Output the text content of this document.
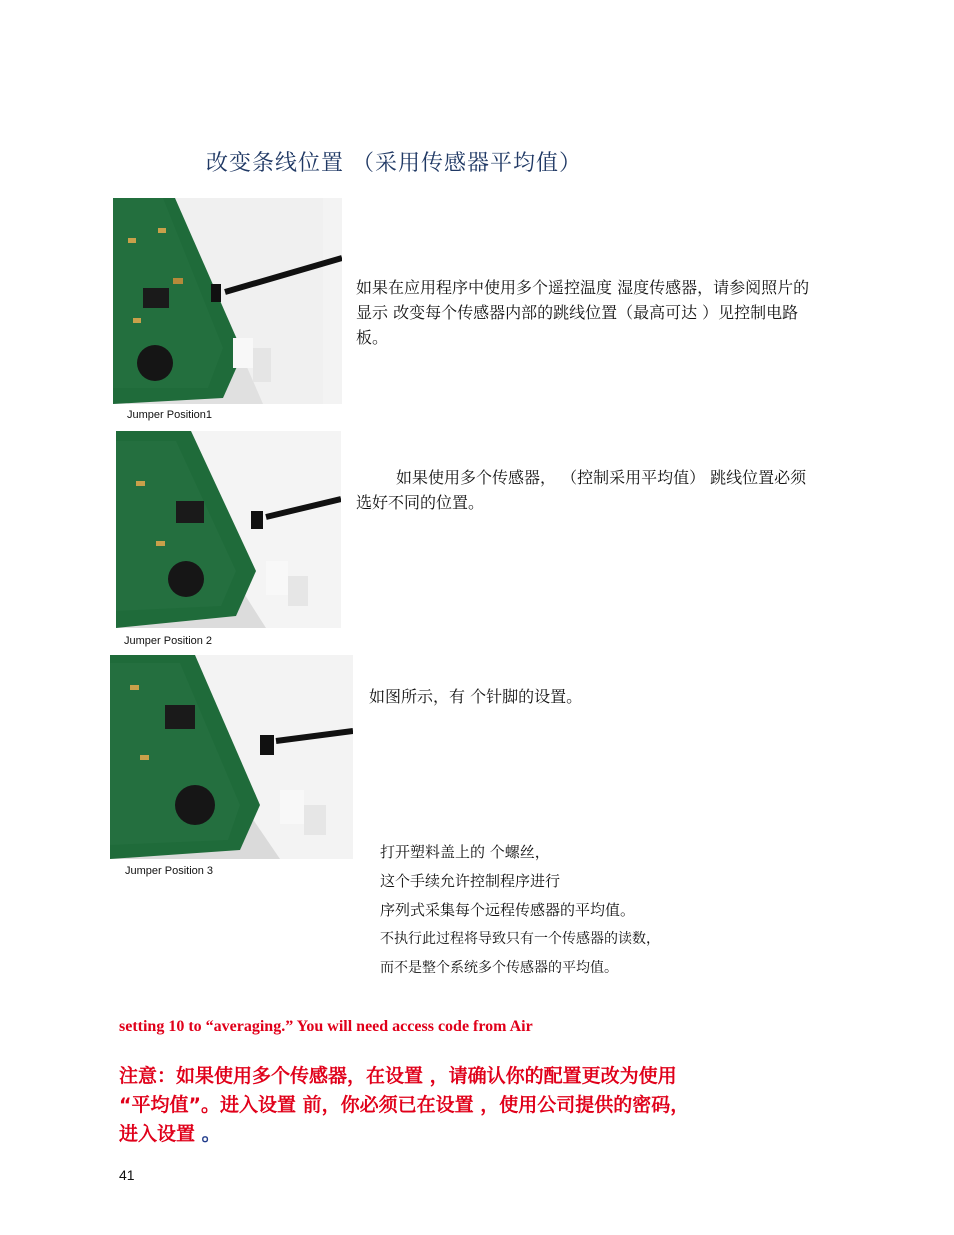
改变条线位置 （采用传感器平均值）
Jumper Position1

如果在应用程序中使用多个遥控温度 湿度传感器，请参阅照片的显示 改变每个传感器内部的跳线位置（最高可达 ）见控制电路板。

Jumper Position 2

如果使用多个传感器， （控制采用平均值） 跳线位置必须选好不同的位置。

Jumper Position 3

如图所示，有 个针脚的设置。

打开塑料盖上的 个螺丝，
这个手续允许控制程序进行
序列式采集每个远程传感器的平均值。
不执行此过程将导致只有一个传感器的读数，
而不是整个系统多个传感器的平均值。
setting 10 to “averaging.” You will need access code from Air
注意：如果使用多个传感器，在设置 ，请确认你的配置更改为使用
“平均值”。进入设置 前，你必须已在设置 ，使用公司提供的密码，
进入设置 。
41
